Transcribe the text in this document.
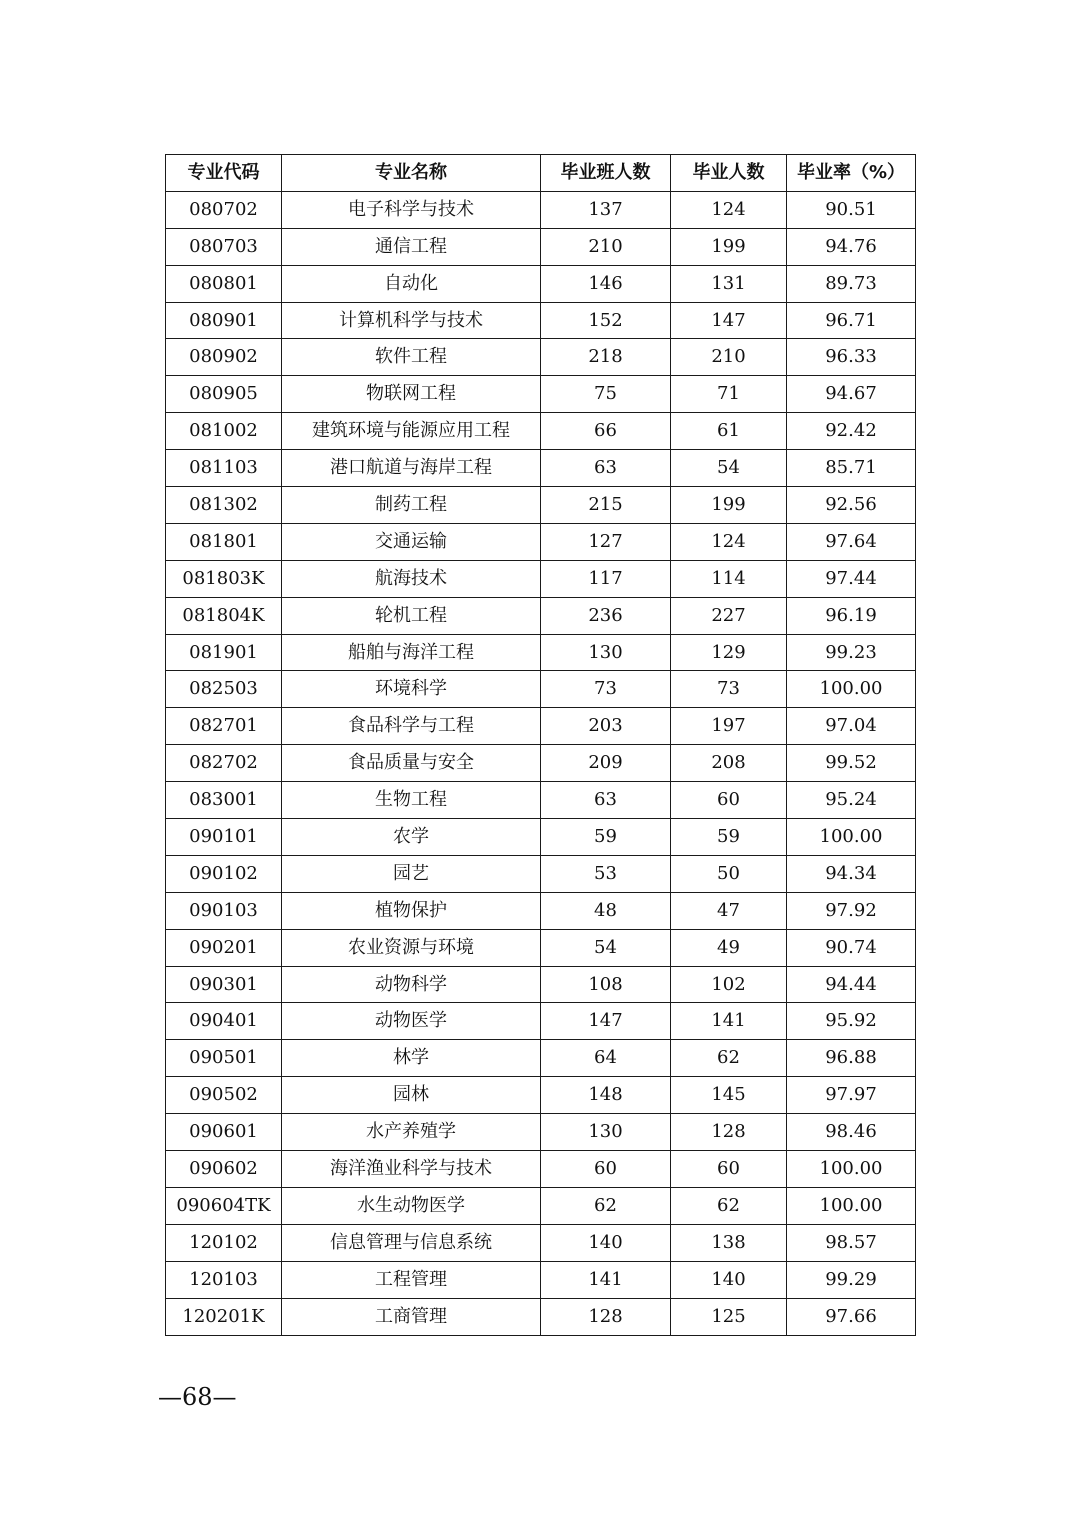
专业代码	专业名称	毕业班人数	毕业人数	毕业率（%）
080702	电子科学与技术	137	124	90.51
080703	通信工程	210	199	94.76
080801	自动化	146	131	89.73
080901	计算机科学与技术	152	147	96.71
080902	软件工程	218	210	96.33
080905	物联网工程	75	71	94.67
081002	建筑环境与能源应用工程	66	61	92.42
081103	港口航道与海岸工程	63	54	85.71
081302	制药工程	215	199	92.56
081801	交通运输	127	124	97.64
081803K	航海技术	117	114	97.44
081804K	轮机工程	236	227	96.19
081901	船舶与海洋工程	130	129	99.23
082503	环境科学	73	73	100.00
082701	食品科学与工程	203	197	97.04
082702	食品质量与安全	209	208	99.52
083001	生物工程	63	60	95.24
090101	农学	59	59	100.00
090102	园艺	53	50	94.34
090103	植物保护	48	47	97.92
090201	农业资源与环境	54	49	90.74
090301	动物科学	108	102	94.44
090401	动物医学	147	141	95.92
090501	林学	64	62	96.88
090502	园林	148	145	97.97
090601	水产养殖学	130	128	98.46
090602	海洋渔业科学与技术	60	60	100.00
090604TK	水生动物医学	62	62	100.00
120102	信息管理与信息系统	140	138	98.57
120103	工程管理	141	140	99.29
120201K	工商管理	128	125	97.66
—68—
